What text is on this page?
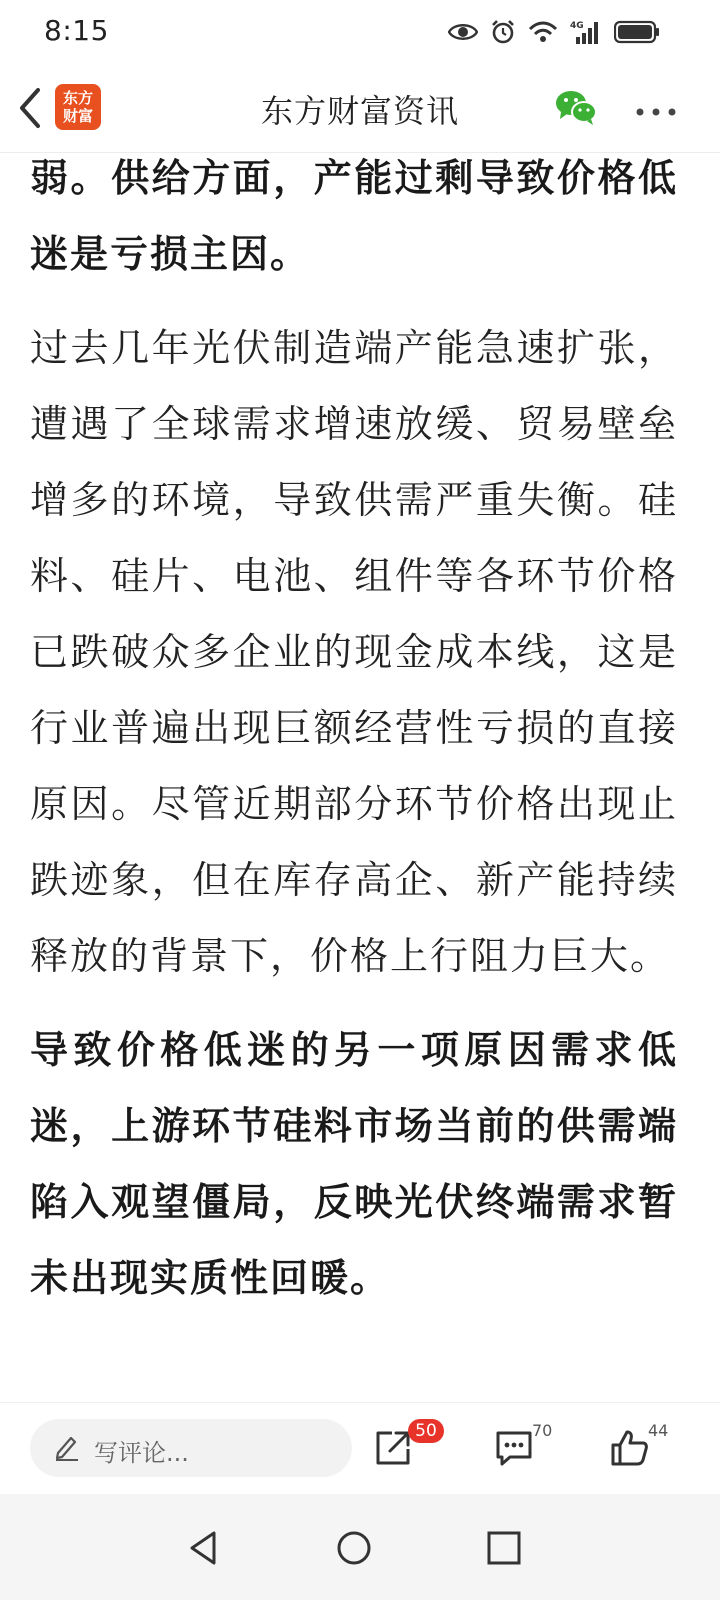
8:15	4G
东方
财富	东方财富资讯

弱。供给方面，产能过剩导致价格低迷是亏损主因。

过去几年光伏制造端产能急速扩张，遭遇了全球需求增速放缓、贸易壁垒增多的环境，导致供需严重失衡。硅料、硅片、电池、组件等各环节价格已跌破众多企业的现金成本线，这是行业普遍出现巨额经营性亏损的直接原因。尽管近期部分环节价格出现止跌迹象，但在库存高企、新产能持续释放的背景下，价格上行阻力巨大。

导致价格低迷的另一项原因需求低迷，上游环节硅料市场当前的供需端陷入观望僵局，反映光伏终端需求暂未出现实质性回暖。

写评论...
50	70	44
